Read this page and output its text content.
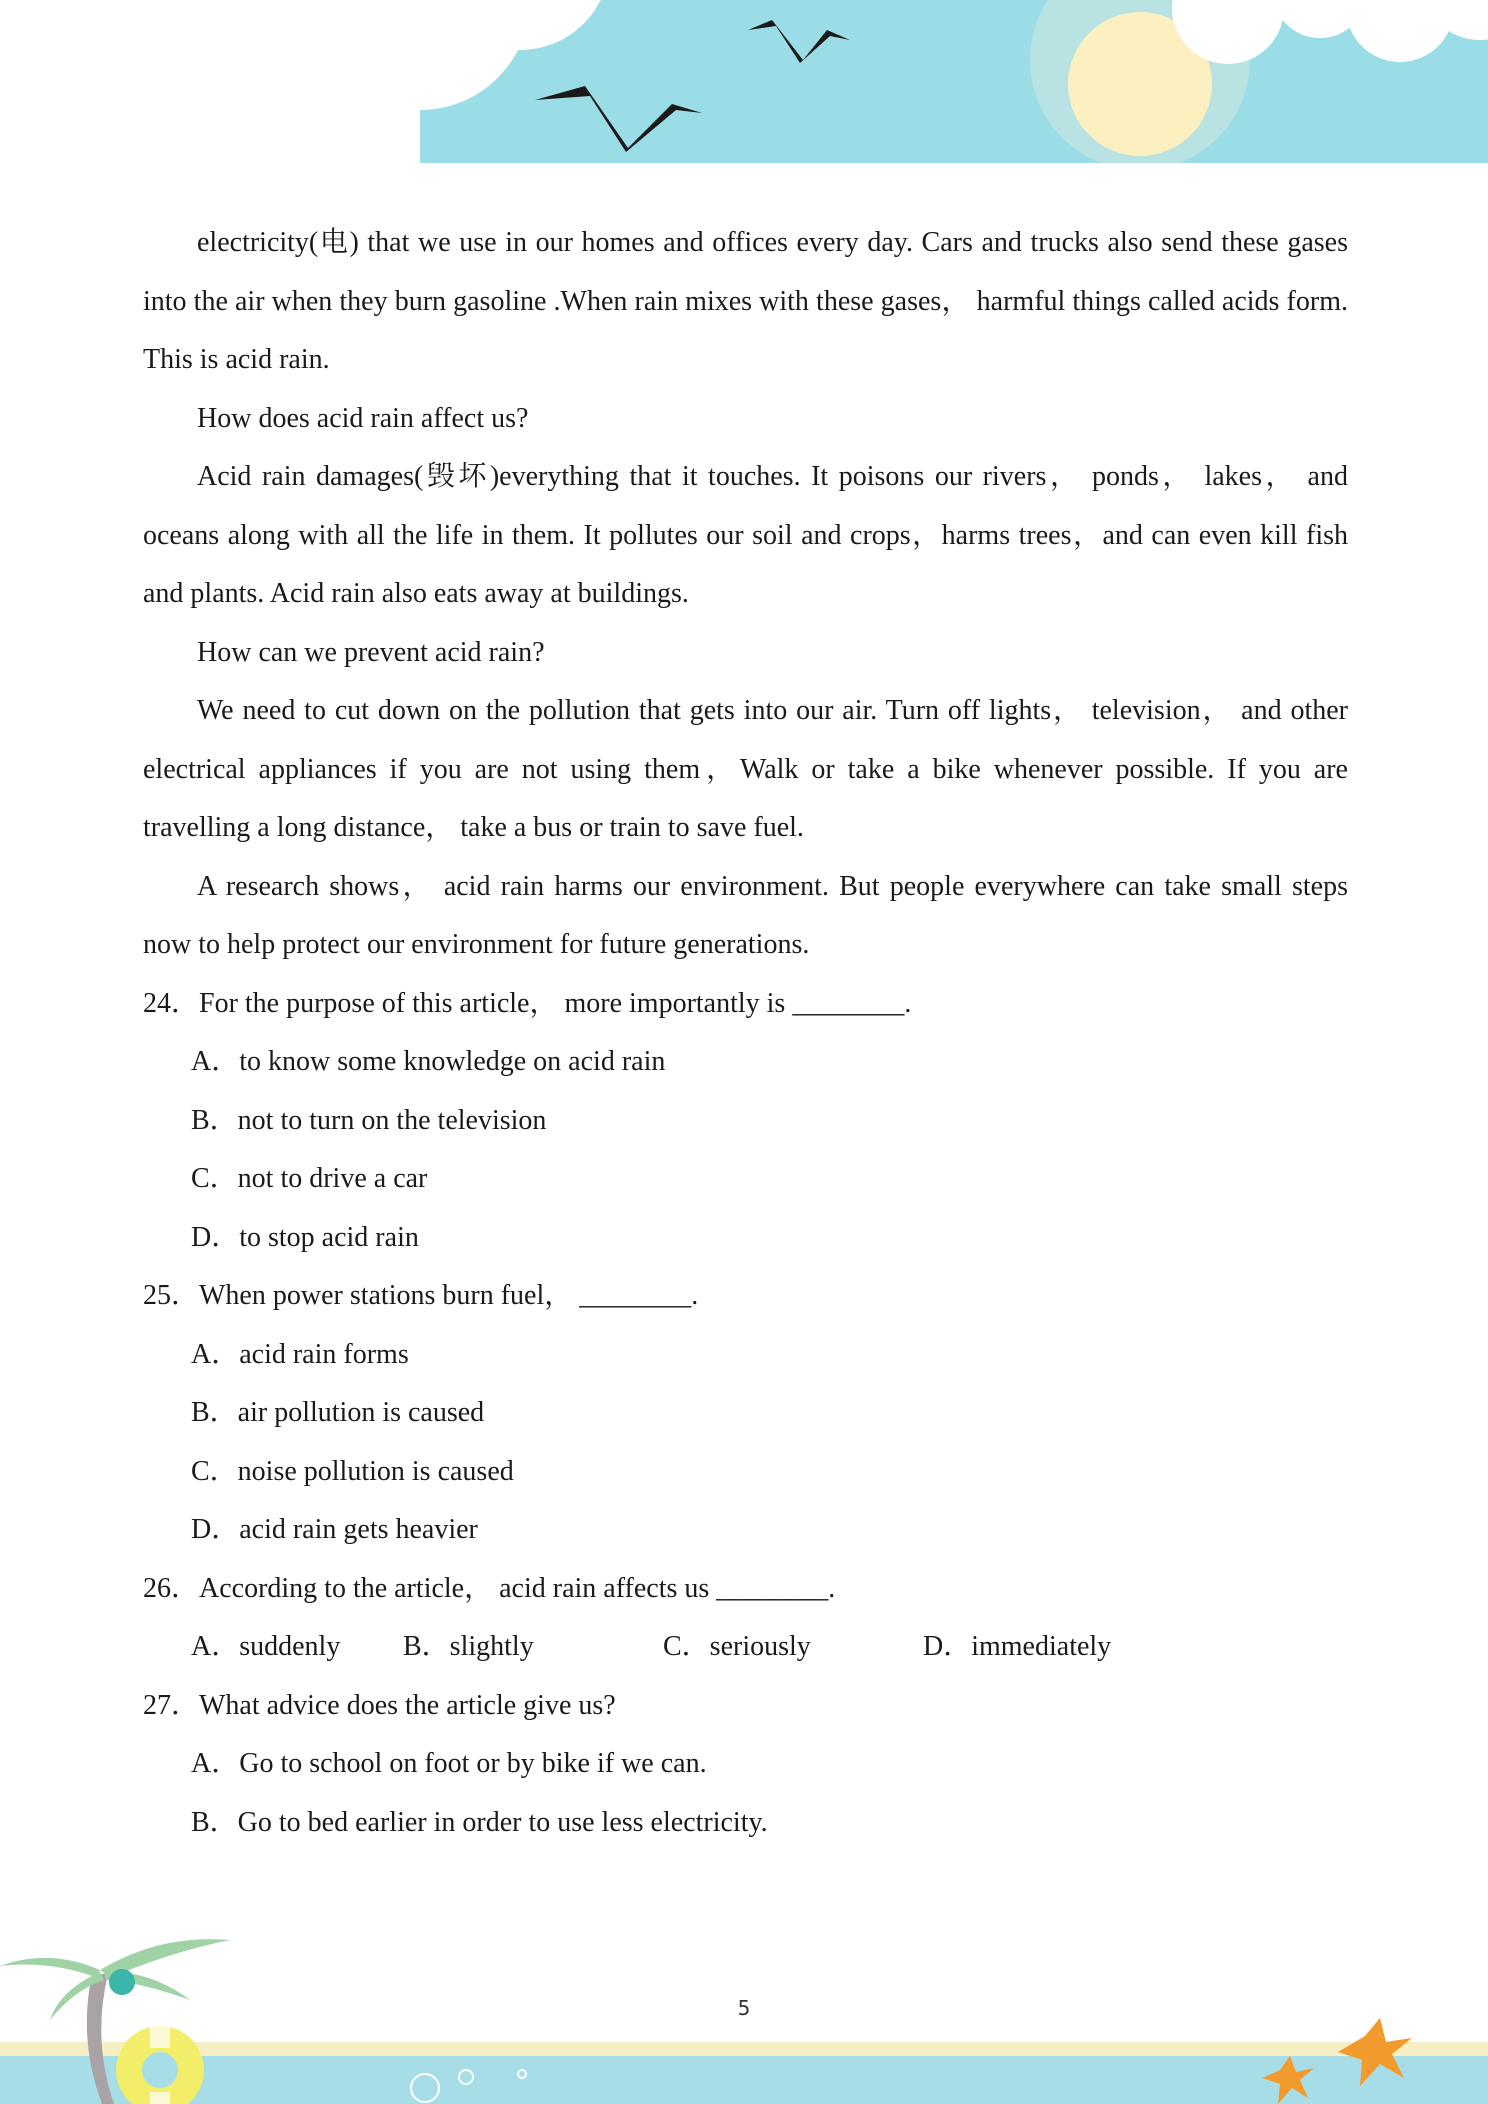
electricity(电) that we use in our homes and offices every day. Cars and trucks also send these gases into the air when they burn gasoline .When rain mixes with these gases， harmful things called acids form. This is acid rain.

How does acid rain affect us?

Acid rain damages(毁坏)everything that it touches. It poisons our rivers， ponds， lakes， and oceans along with all the life in them. It pollutes our soil and crops，harms trees，and can even kill fish and plants. Acid rain also eats away at buildings.

How can we prevent acid rain?

We need to cut down on the pollution that gets into our air. Turn off lights， television， and other electrical appliances if you are not using them，Walk or take a bike whenever possible. If you are travelling a long distance， take a bus or train to save fuel.

A research shows， acid rain harms our environment. But people everywhere can take small steps now to help protect our environment for future generations.

24．For the purpose of this article， more importantly is ________.

A．to know some knowledge on acid rain

B．not to turn on the television

C．not to drive a car

D．to stop acid rain

25．When power stations burn fuel， ________.

A．acid rain forms

B．air pollution is caused

C．noise pollution is caused

D．acid rain gets heavier

26．According to the article， acid rain affects us ________.

A．suddenly	B．slightly	C．seriously	D．immediately

27．What advice does the article give us?

A．Go to school on foot or by bike if we can.

B．Go to bed earlier in order to use less electricity.

5
